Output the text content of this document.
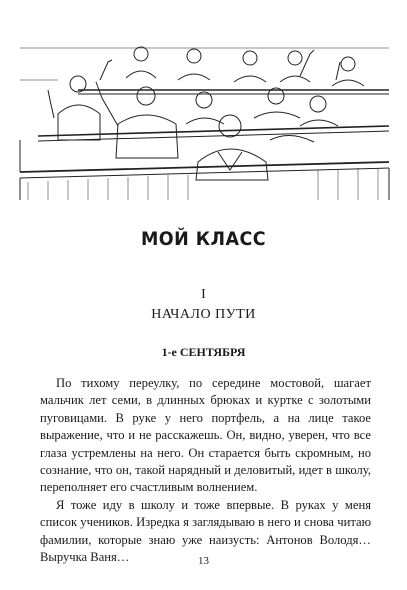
МОЙ КЛАСС
I
НАЧАЛО ПУТИ
1-е СЕНТЯБРЯ

По тихому переулку, по середине мостовой, шагает мальчик лет семи, в длинных брюках и куртке с золотыми пуговицами. В руке у него портфель, а на лице такое выражение, что и не расскажешь. Он, видно, уверен, что все глаза устремлены на него. Он старается быть скромным, но сознание, что он, такой нарядный и деловитый, идет в школу, переполняет его счастливым волнением.

Я тоже иду в школу и тоже впервые. В руках у меня список учеников. Изредка я заглядываю в него и снова читаю фамилии, которые знаю уже наизусть: Антонов Володя… Выручка Ваня…	13
